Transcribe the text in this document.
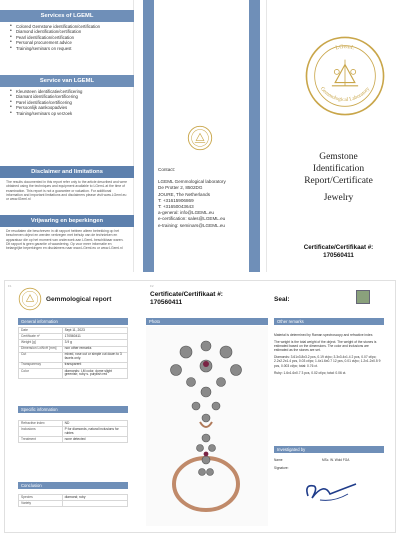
Services of LGEML
• Colored Gemstone identification/certification
• Diamond identification/certification
• Pearl identification/certification
• Personal procurement advice
• Training/seminars on request
Service van LGEML
• Kleursteen identificatie/certificering
• Diamant identificatie/certificering
• Parel identificatie/certificering
• Persoonlijk aankoopadvies
• Training/seminars op verzoek
Disclaimer and limitations
The results documented in this report refer only to the article described and were obtained using the techniques and equipment available to LGemL at the time of examination. This report is not a guarantee or valuation. For additional information and important limitations and disclaimers please visit www.LGeml.eu or www.lGeml.nl
Vrijwaring en beperkingen
De resultaten die beschreven in dit rapport hebben alleen betrekking op het beschreven object en werden verkregen met behulp van de technieken en apparatuur die op het moment van onderzoek aan LGemL beschikbaar waren. Dit rapport is geen garantie of waardering. Op voor meer informatie en belangrijke beperkingen en disclaimers naar www.LGeml.eu or www.LGeml.nl
Contact:
LGEML Gemmological laboratory
De Protter 2, 8502DG
JOURE, The Netherlands
T: +31615906869
T: +31650043643
a-general: info@LGEML.eu
e-certification: sales@LGEML.eu
e-training: seminars@LGEML.eu
LGemL
Gemmological Laboratory
Gemstone
Identification
Report/Certificate
Jewelry
Certificate/Certifikaat #:
170560411
F1	F2
Gemmological report
Certificate/Certifikaat #:
170560411	Seal:
General information
Date	Sept 11, 2023
Certificate nº	170560411
Weight [g]	3.9 g
Dimension LxWxH [mm]	non other remarks
Cut	mixed, rose cut or simple cut down to 3 facets only.
Transparency	transparent
Color	diamonds: I-M color, dome slight greenish; ruby s. purplish red
Specific information
Refractive index	ND
Inclusions	P for diamonds, natural inclusions for rubies
Treatment	none detected
Conclusion
Species	diamond; ruby
Variety	
Photo	Other remarks

Material is determined by Raman spectroscopy and refractive index.

The weight is the total weight of the object. The weight of the stones is estimated based on the dimensions. The color and inclusions are estimated as the stones are set.

Diamonds: 3.61x3.8x3.2 pcs, 0.19 ct/pc; 3.3x3.4x1.4 2 pcs, 0.07 ct/pc; 2.2x2.2x1.4 pcs, 0.03 ct/pc; 1.4x1.6x0.7 12 pcs, 0.01 ct/pc; 1.2x1.2x0.5 9 pcs, 0.003 ct/pc; total: 0.76 ct.

Ruby: 1.6x1.6x0.7 3 pcs, 0.02 ct/pc; total: 0.06 ct.

Investigated by
Name	MSc. W. Wold FGA
Signature:
